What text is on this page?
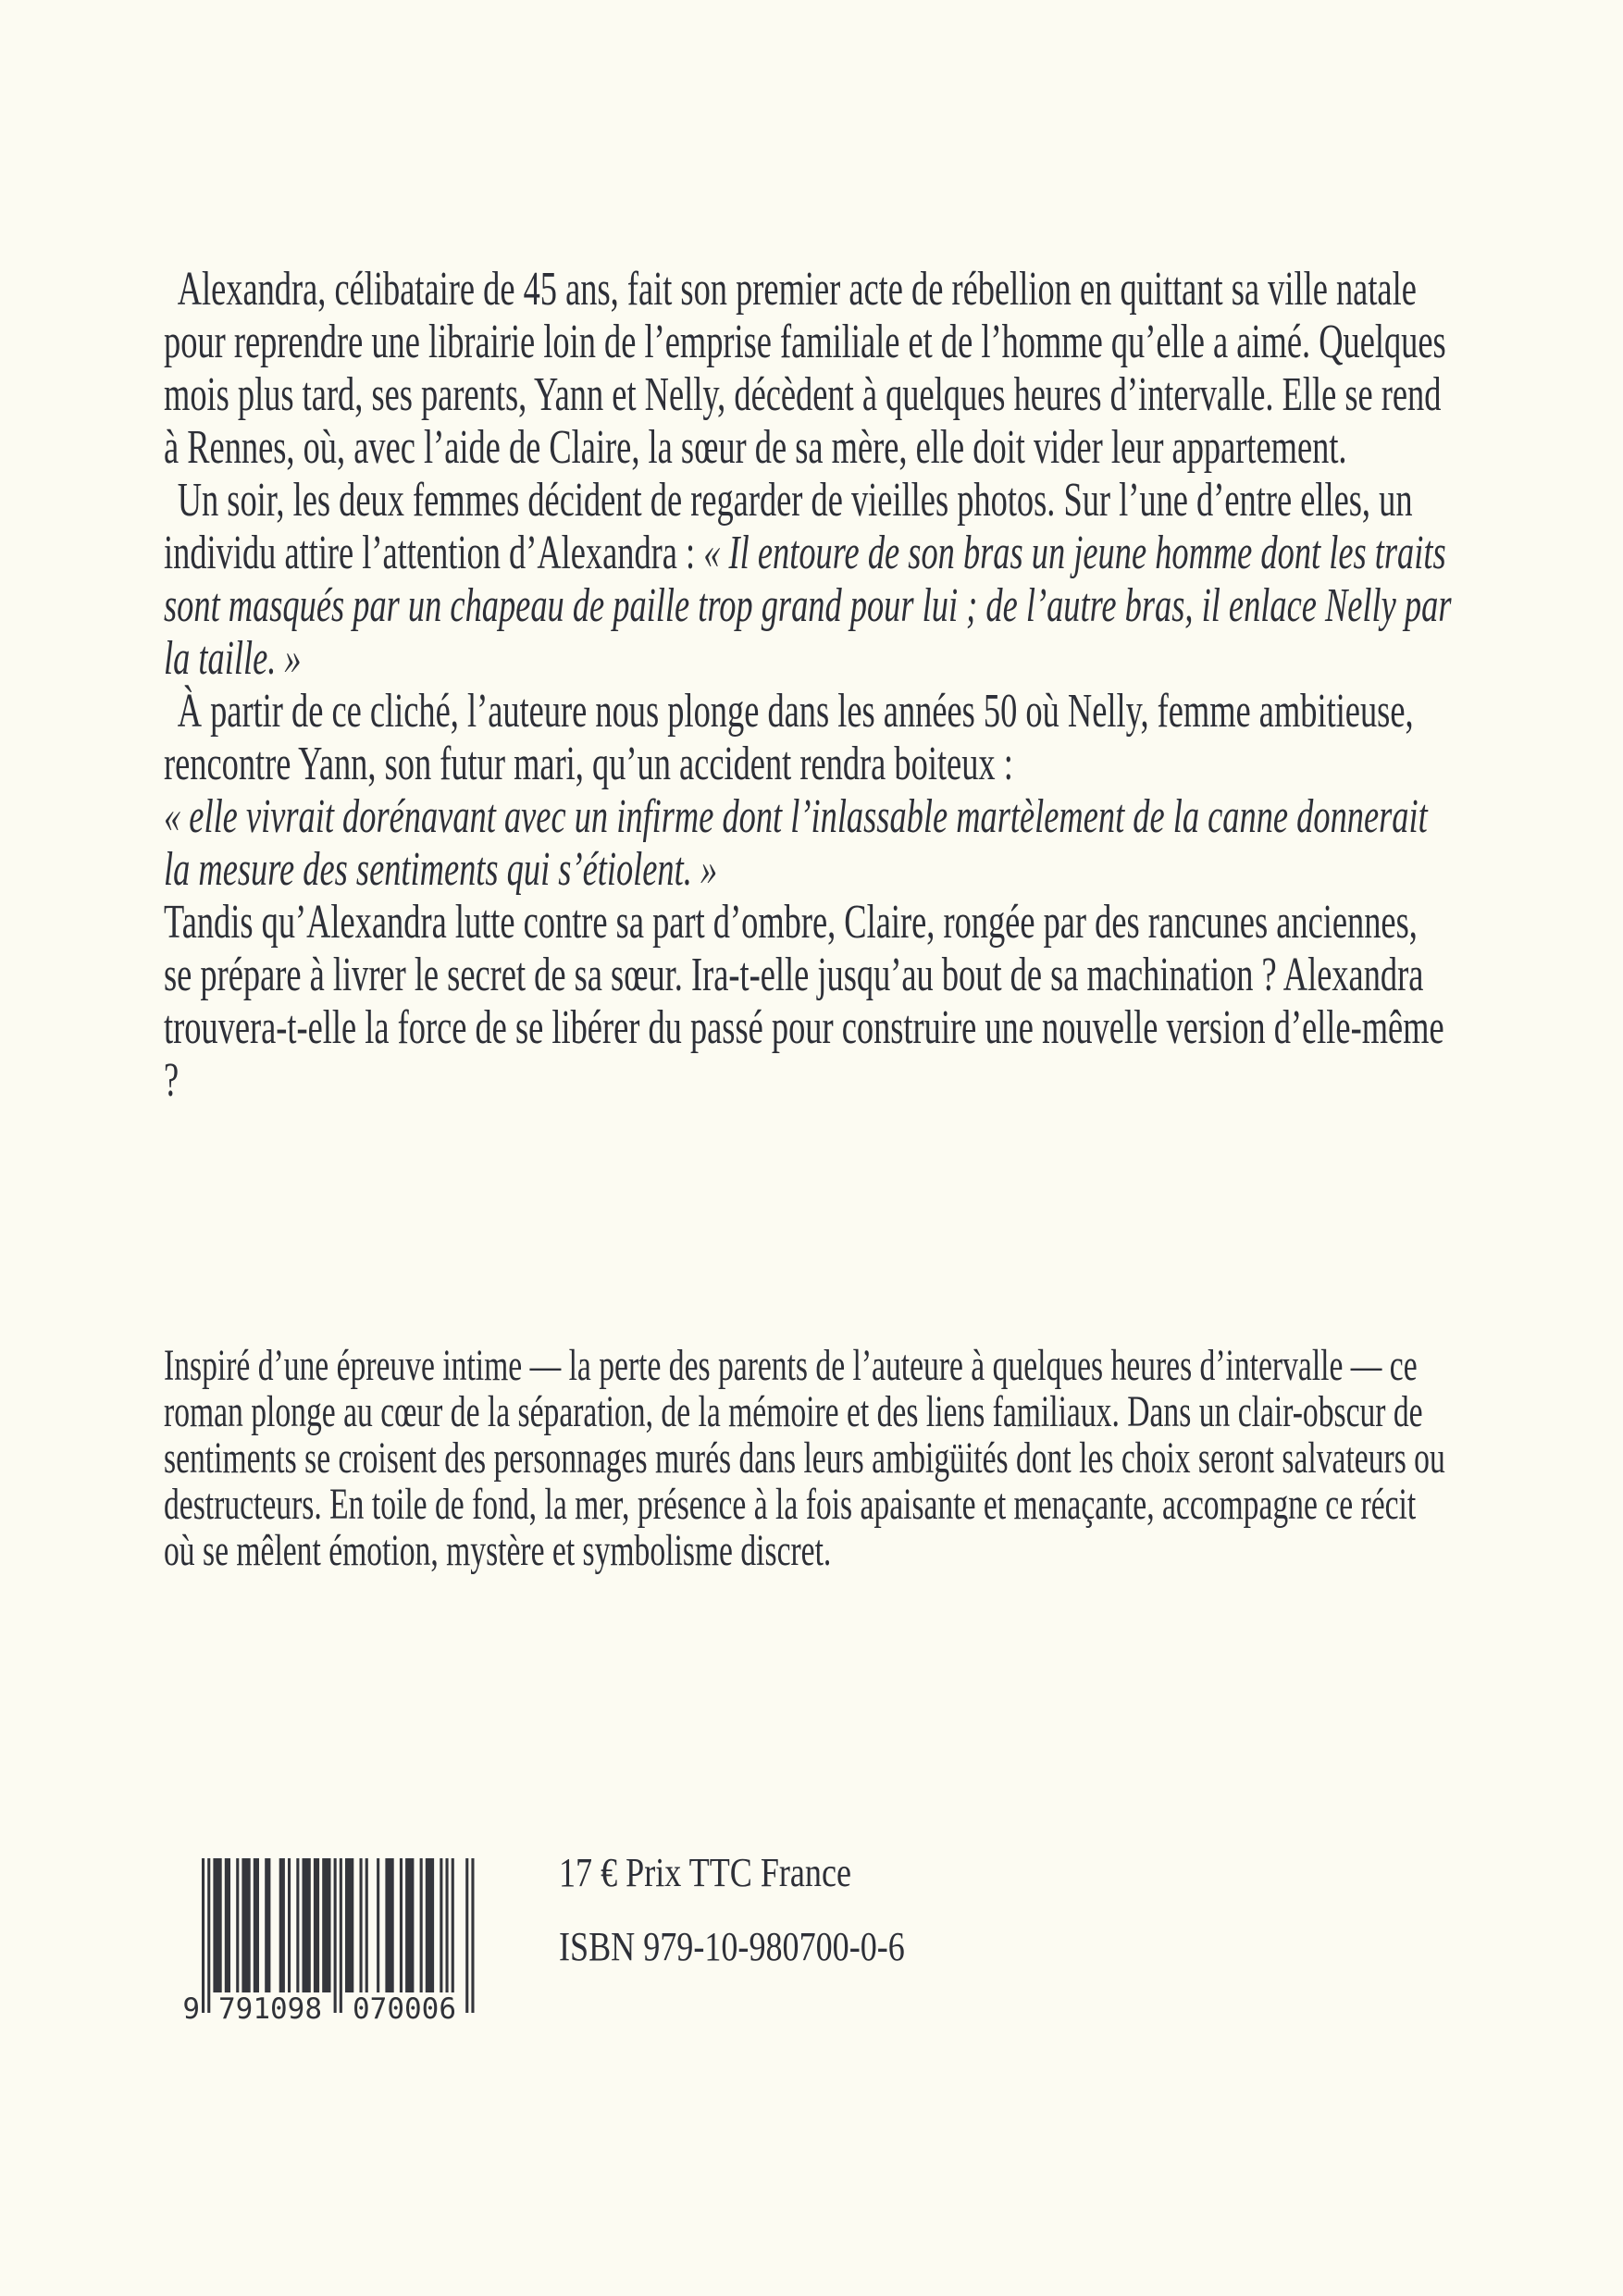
Alexandra, célibataire de 45 ans, fait son premier acte de rébellion en quittant sa ville natale pour reprendre une librairie loin de l’emprise familiale et de l’homme qu’elle a aimé. Quelques mois plus tard, ses parents, Yann et Nelly, décèdent à quelques heures d’intervalle. Elle se rend à Rennes, où, avec l’aide de Claire, la sœur de sa mère, elle doit vider leur appartement.

Un soir, les deux femmes décident de regarder de vieilles photos. Sur l’une d’entre elles, un individu attire l’attention d’Alexandra : « Il entoure de son bras un jeune homme dont les traits sont masqués par un chapeau de paille trop grand pour lui ; de l’autre bras, il enlace Nelly par la taille. »

À partir de ce cliché, l’auteure nous plonge dans les années 50 où Nelly, femme ambitieuse, rencontre Yann, son futur mari, qu’un accident rendra boiteux :
« elle vivrait dorénavant avec un infirme dont l’inlassable martèlement de la canne donnerait la mesure des sentiments qui s’étiolent. »

Tandis qu’Alexandra lutte contre sa part d’ombre, Claire, rongée par des rancunes anciennes, se prépare à livrer le secret de sa sœur. Ira-t-elle jusqu’au bout de sa machination ? Alexandra trouvera-t-elle la force de se libérer du passé pour construire une nouvelle version d’elle-même ?

Inspiré d’une épreuve intime — la perte des parents de l’auteure à quelques heures d’intervalle — ce roman plonge au cœur de la séparation, de la mémoire et des liens familiaux. Dans un clair-obscur de sentiments se croisent des personnages murés dans leurs ambigüités dont les choix seront salvateurs ou destructeurs. En toile de fond, la mer, présence à la fois apaisante et menaçante, accompagne ce récit où se mêlent émotion, mystère et symbolisme discret.

9 791098 070006
17 € Prix TTC France
ISBN 979-10-980700-0-6
